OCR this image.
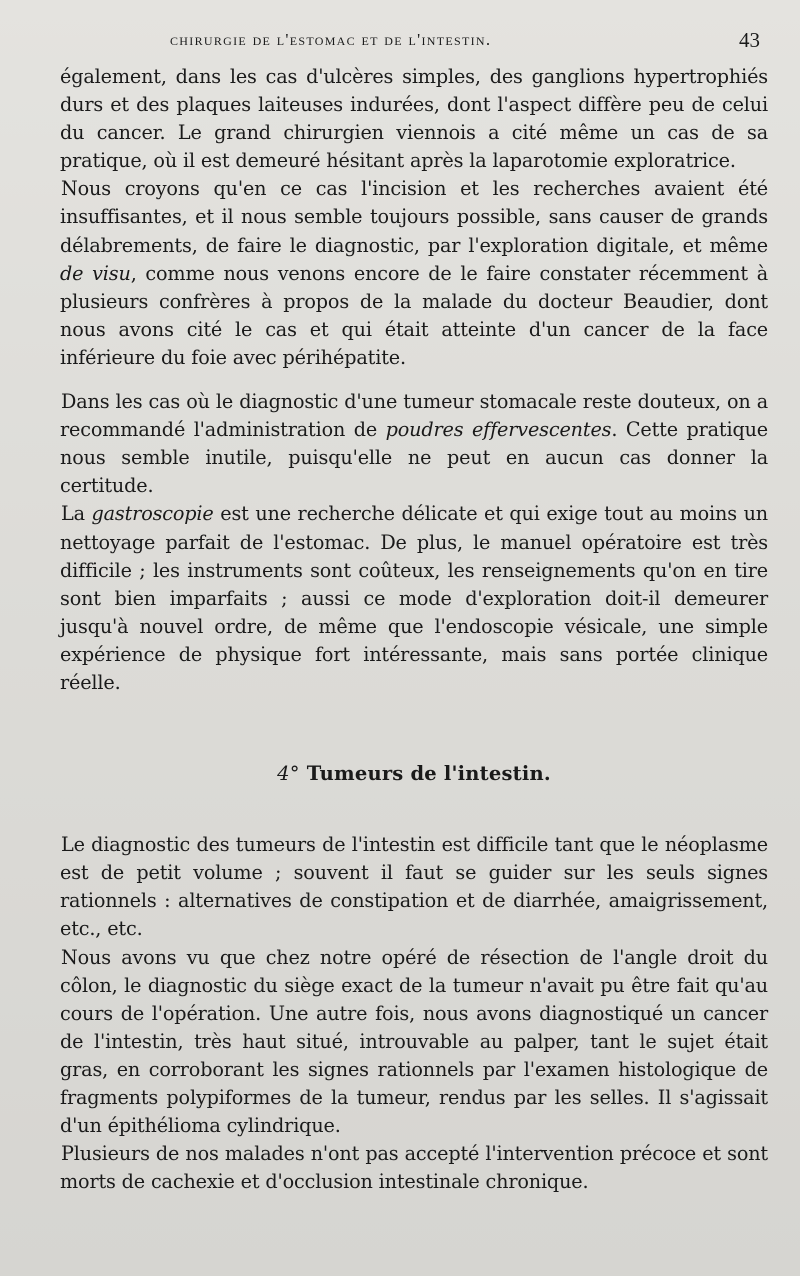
chirurgie de l'estomac et de l'intestin.	43

également, dans les cas d'ulcères simples, des ganglions hypertrophiés durs et des plaques laiteuses indurées, dont l'aspect diffère peu de celui du cancer. Le grand chirurgien viennois a cité même un cas de sa pratique, où il est demeuré hésitant après la laparotomie exploratrice.

Nous croyons qu'en ce cas l'incision et les recherches avaient été insuffisantes, et il nous semble toujours possible, sans causer de grands délabrements, de faire le diagnostic, par l'exploration digitale, et même de visu, comme nous venons encore de le faire constater récemment à plusieurs confrères à propos de la malade du docteur Beaudier, dont nous avons cité le cas et qui était atteinte d'un cancer de la face inférieure du foie avec périhépatite.

Dans les cas où le diagnostic d'une tumeur stomacale reste douteux, on a recommandé l'administration de poudres effervescentes. Cette pratique nous semble inutile, puisqu'elle ne peut en aucun cas donner la certitude.

La gastroscopie est une recherche délicate et qui exige tout au moins un nettoyage parfait de l'estomac. De plus, le manuel opératoire est très difficile ; les instruments sont coûteux, les renseignements qu'on en tire sont bien imparfaits ; aussi ce mode d'exploration doit-il demeurer jusqu'à nouvel ordre, de même que l'endoscopie vésicale, une simple expérience de physique fort intéressante, mais sans portée clinique réelle.

4° Tumeurs de l'intestin.

Le diagnostic des tumeurs de l'intestin est difficile tant que le néoplasme est de petit volume ; souvent il faut se guider sur les seuls signes rationnels : alternatives de constipation et de diarrhée, amaigrissement, etc., etc.

Nous avons vu que chez notre opéré de résection de l'angle droit du côlon, le diagnostic du siège exact de la tumeur n'avait pu être fait qu'au cours de l'opération. Une autre fois, nous avons diagnostiqué un cancer de l'intestin, très haut situé, introuvable au palper, tant le sujet était gras, en corroborant les signes rationnels par l'examen histologique de fragments polypiformes de la tumeur, rendus par les selles. Il s'agissait d'un épithélioma cylindrique.

Plusieurs de nos malades n'ont pas accepté l'intervention précoce et sont morts de cachexie et d'occlusion intestinale chronique.
